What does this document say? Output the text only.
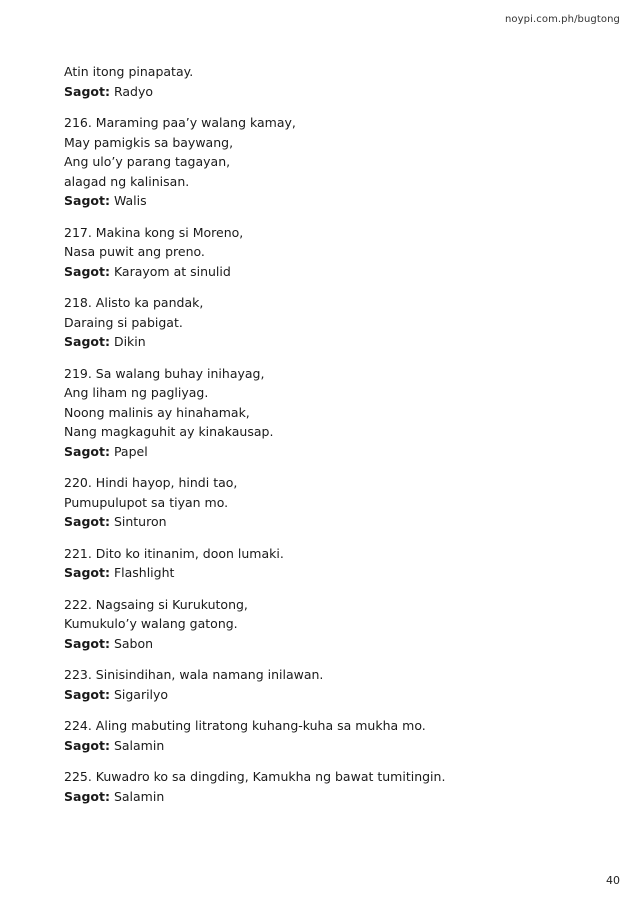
noypi.com.ph/bugtong
Atin itong pinapatay.
Sagot: Radyo
216. Maraming paa’y walang kamay,
May pamigkis sa baywang,
Ang ulo’y parang tagayan,
alagad ng kalinisan.
Sagot: Walis
217. Makina kong si Moreno,
Nasa puwit ang preno.
Sagot: Karayom at sinulid
218. Alisto ka pandak,
Daraing si pabigat.
Sagot: Dikin
219. Sa walang buhay inihayag,
Ang liham ng pagliyag.
Noong malinis ay hinahamak,
Nang magkaguhit ay kinakausap.
Sagot: Papel
220. Hindi hayop, hindi tao,
Pumupulupot sa tiyan mo.
Sagot: Sinturon
221. Dito ko itinanim, doon lumaki.
Sagot: Flashlight
222. Nagsaing si Kurukutong,
Kumukulo’y walang gatong.
Sagot: Sabon
223. Sinisindihan, wala namang inilawan.
Sagot: Sigarilyo
224. Aling mabuting litratong kuhang-kuha sa mukha mo.
Sagot: Salamin
225. Kuwadro ko sa dingding, Kamukha ng bawat tumitingin.
Sagot: Salamin
40
